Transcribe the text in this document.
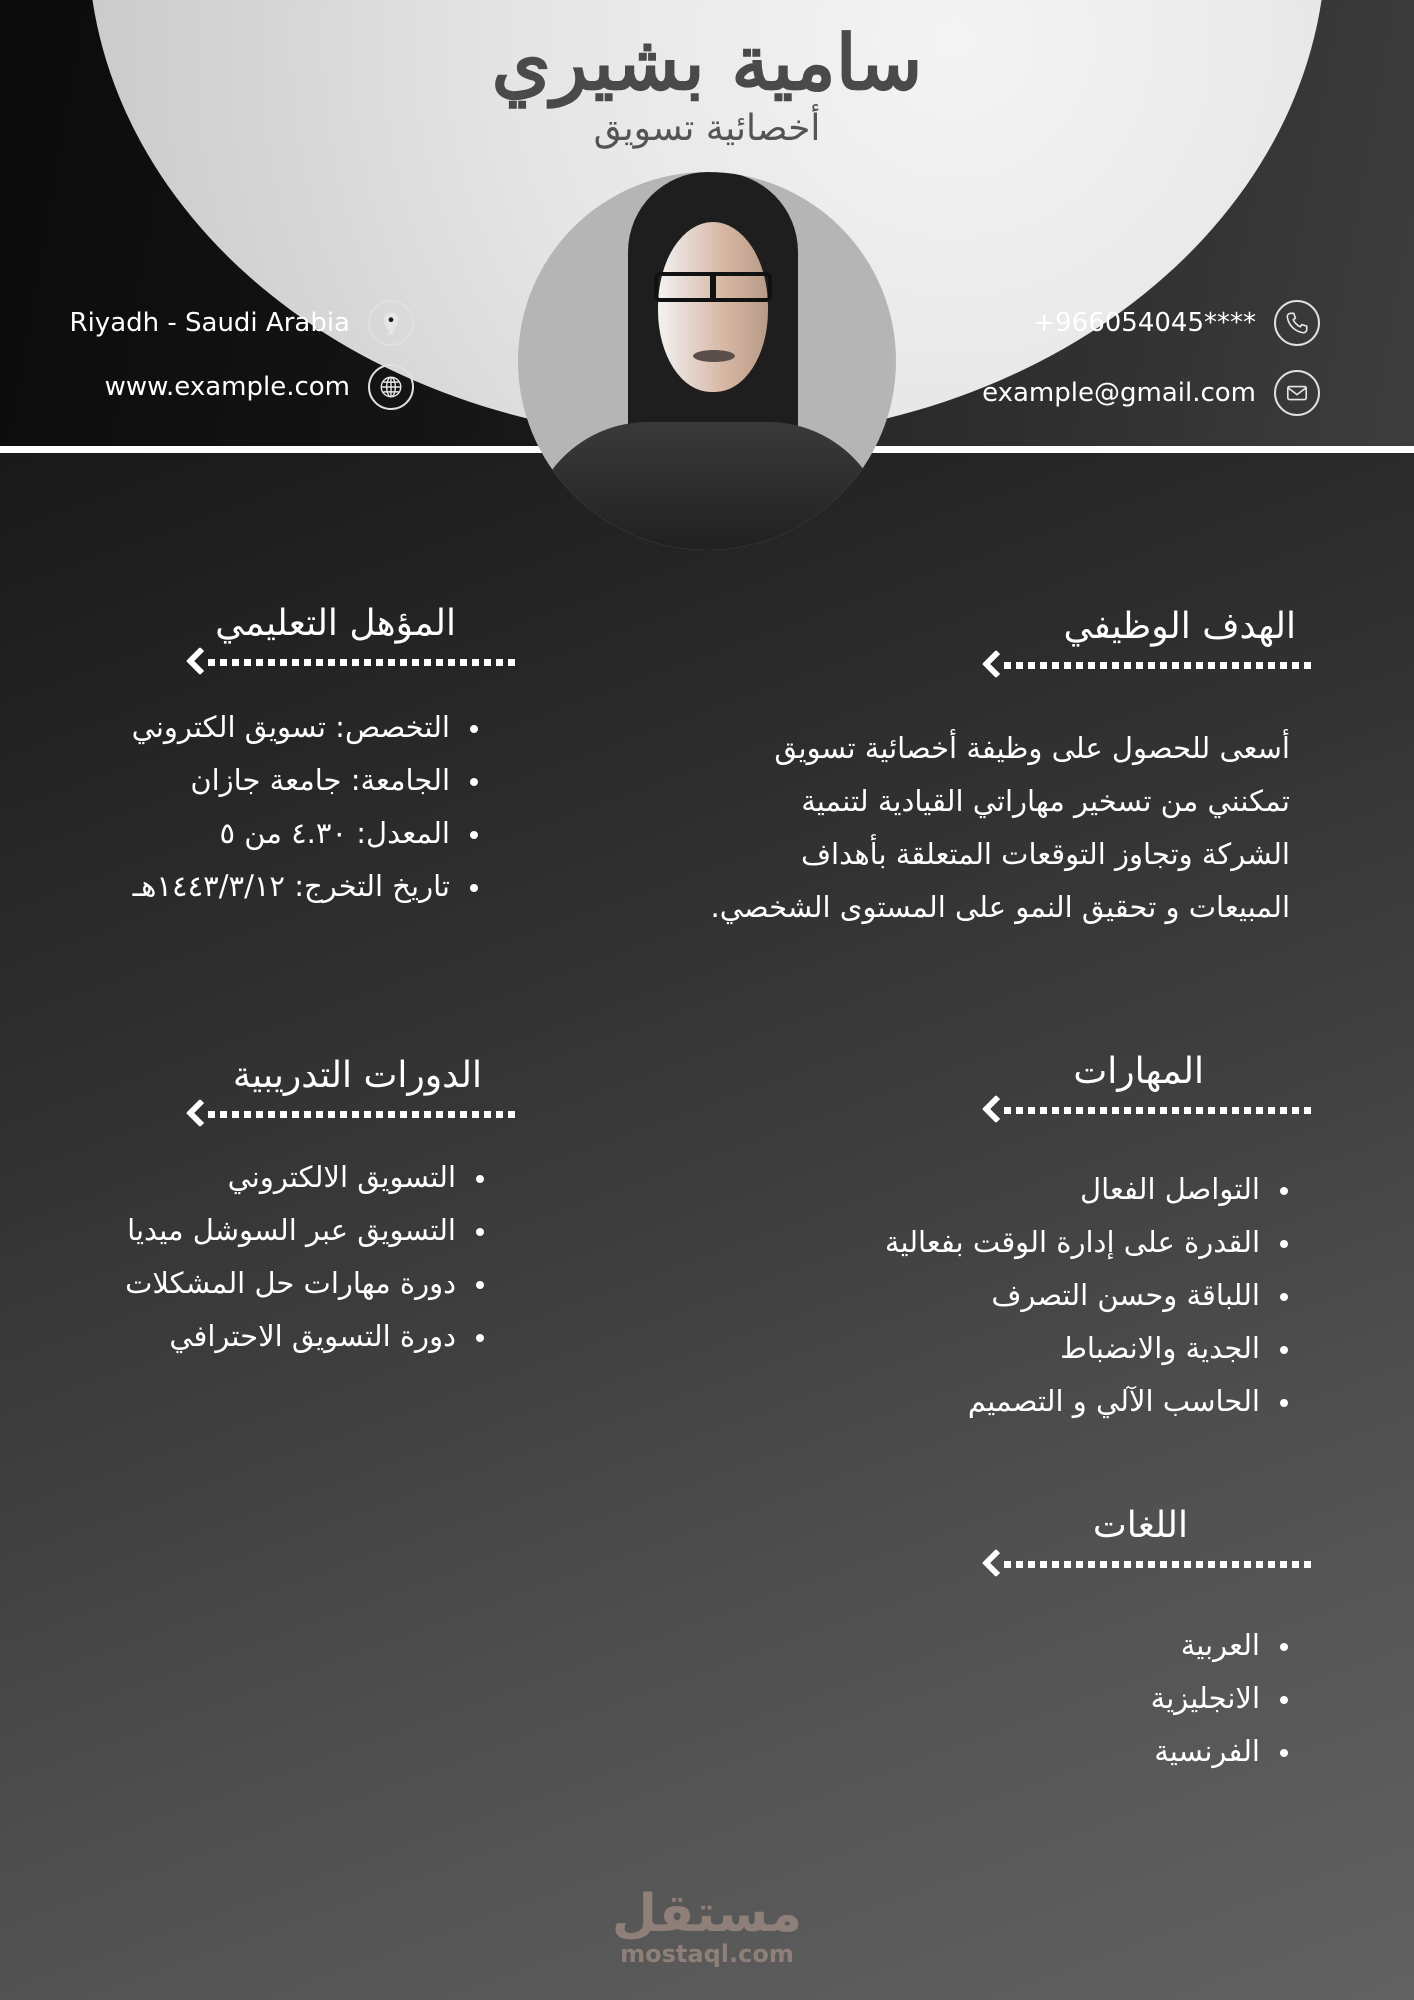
سامية بشيري
أخصائية تسويق
Riyadh - Saudi Arabia
www.example.com
+966054045****
example@gmail.com
الهدف الوظيفي

أسعى للحصول على وظيفة أخصائية تسويق

تمكنني من تسخير مهاراتي القيادية لتنمية

الشركة وتجاوز التوقعات المتعلقة بأهداف

المبيعات و تحقيق النمو على المستوى الشخصي.

المؤهل التعليمي
التخصص: تسويق الكتروني
الجامعة: جامعة جازان
المعدل: ٤.٣٠ من ٥
تاريخ التخرج: ١٤٤٣/٣/١٢هـ
المهارات
التواصل الفعال
القدرة على إدارة الوقت بفعالية
اللباقة وحسن التصرف
الجدية والانضباط
الحاسب الآلي و التصميم
الدورات التدريبية
التسويق الالكتروني
التسويق عبر السوشل ميديا
دورة مهارات حل المشكلات
دورة التسويق الاحترافي
اللغات
العربية
الانجليزية
الفرنسية
مستقل
mostaql.com
